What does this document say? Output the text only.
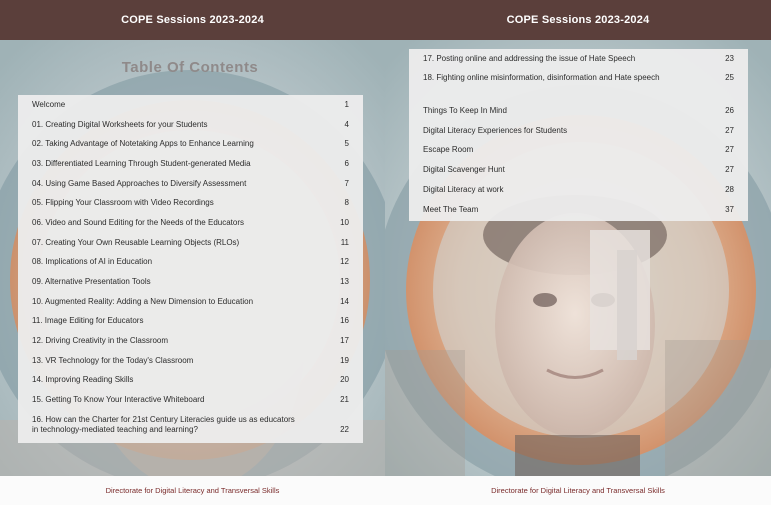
COPE Sessions 2023-2024
Table Of Contents
Welcome	1
01. Creating Digital Worksheets for your Students	4
02. Taking Advantage of Notetaking Apps to Enhance Learning	5
03. Differentiated Learning Through Student-generated Media	6
04. Using Game Based Approaches to Diversify Assessment	7
05. Flipping Your Classroom with Video Recordings	8
06. Video and Sound Editing for the Needs of the Educators	10
07. Creating Your Own Reusable Learning Objects (RLOs)	11
08. Implications of AI in Education	12
09. Alternative Presentation Tools	13
10. Augmented Reality: Adding a New Dimension to Education	14
11. Image Editing for Educators	16
12. Driving Creativity in the Classroom	17
13. VR Technology for the Today's Classroom	19
14. Improving Reading Skills	20
15. Getting To Know Your Interactive Whiteboard	21
16. How can the Charter for 21st Century Literacies guide us as educators in technology-mediated teaching and learning?	22
Directorate for Digital Literacy and Transversal Skills
COPE Sessions 2023-2024
17. Posting online and addressing the issue of Hate Speech	23
18. Fighting online misinformation, disinformation and Hate speech	25
Things To Keep In Mind	26
Digital Literacy Experiences for Students	27
Escape Room	27
Digital Scavenger Hunt	27
Digital Literacy at work	28
Meet The Team	37
Directorate for Digital Literacy and Transversal Skills
